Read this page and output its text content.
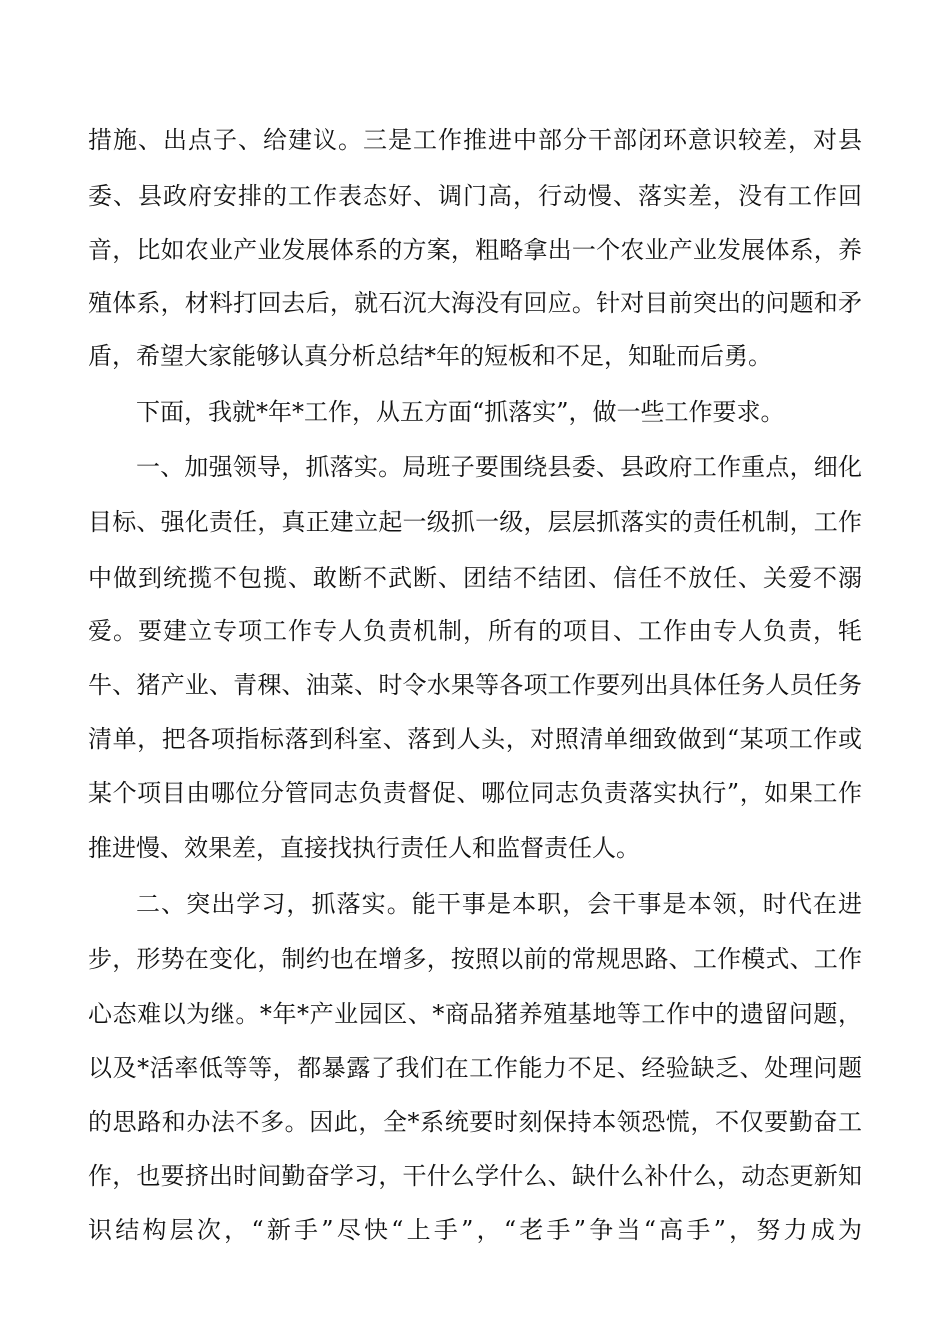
措施、出点子、给建议。三是工作推进中部分干部闭环意识较差，对县
委、县政府安排的工作表态好、调门高，行动慢、落实差，没有工作回
音，比如农业产业发展体系的方案，粗略拿出一个农业产业发展体系，养
殖体系，材料打回去后，就石沉大海没有回应。针对目前突出的问题和矛
盾，希望大家能够认真分析总结*年的短板和不足，知耻而后勇。
下面，我就*年*工作，从五方面“抓落实”，做一些工作要求。
一、加强领导，抓落实。局班子要围绕县委、县政府工作重点，细化
目标、强化责任，真正建立起一级抓一级，层层抓落实的责任机制，工作
中做到统揽不包揽、敢断不武断、团结不结团、信任不放任、关爱不溺
爱。要建立专项工作专人负责机制，所有的项目、工作由专人负责，牦
牛、猪产业、青稞、油菜、时令水果等各项工作要列出具体任务人员任务
清单，把各项指标落到科室、落到人头，对照清单细致做到“某项工作或
某个项目由哪位分管同志负责督促、哪位同志负责落实执行”，如果工作
推进慢、效果差，直接找执行责任人和监督责任人。
二、突出学习，抓落实。能干事是本职，会干事是本领，时代在进
步，形势在变化，制约也在增多，按照以前的常规思路、工作模式、工作
心态难以为继。*年*产业园区、*商品猪养殖基地等工作中的遗留问题，
以及*活率低等等，都暴露了我们在工作能力不足、经验缺乏、处理问题
的思路和办法不多。因此，全*系统要时刻保持本领恐慌，不仅要勤奋工
作，也要挤出时间勤奋学习，干什么学什么、缺什么补什么，动态更新知
识结构层次，“新手”尽快“上手”，“老手”争当“高手”，努力成为
